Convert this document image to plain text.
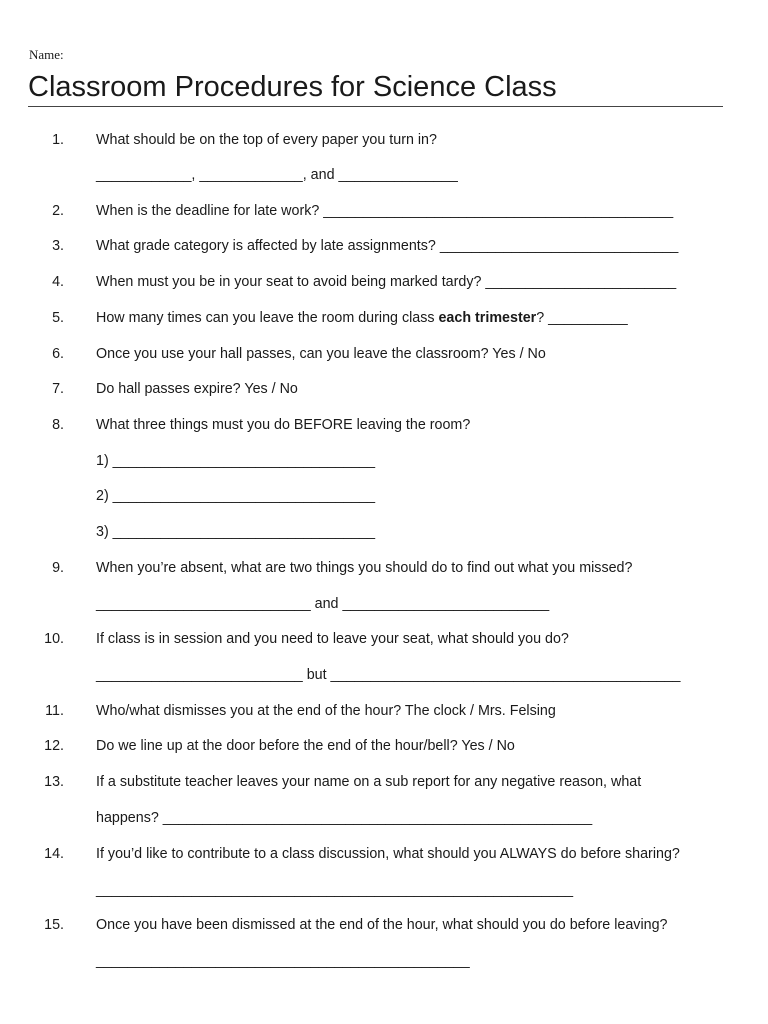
Name:
Classroom Procedures for Science Class
1. What should be on the top of every paper you turn in?
____________, _____________, and _______________
2. When is the deadline for late work? ____________________________________________
3. What grade category is affected by late assignments? ______________________________
4. When must you be in your seat to avoid being marked tardy? ________________________
5. How many times can you leave the room during class each trimester? __________
6. Once you use your hall passes, can you leave the classroom? Yes / No
7. Do hall passes expire? Yes / No
8. What three things must you do BEFORE leaving the room?
1) _________________________________
2) _________________________________
3) _________________________________
9. When you’re absent, what are two things you should do to find out what you missed?
___________________________ and __________________________
10. If class is in session and you need to leave your seat, what should you do?
__________________________ but ____________________________________________
11. Who/what dismisses you at the end of the hour? The clock / Mrs. Felsing
12. Do we line up at the door before the end of the hour/bell? Yes / No
13. If a substitute teacher leaves your name on a sub report for any negative reason, what
happens? ______________________________________________________
14. If you’d like to contribute to a class discussion, what should you ALWAYS do before sharing?
____________________________________________________________
15. Once you have been dismissed at the end of the hour, what should you do before leaving?
_______________________________________________
